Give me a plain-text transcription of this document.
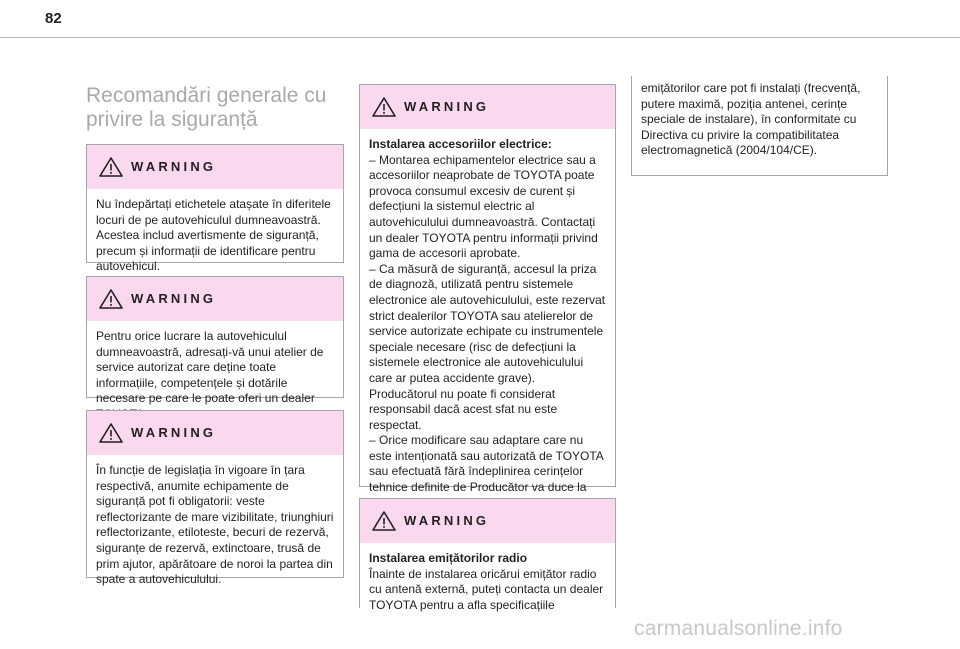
82
Recomandări generale cu privire la siguranță
WARNING

Nu îndepărtați etichetele atașate în diferitele locuri de pe autovehiculul dumneavoastră. Acestea includ avertismente de siguranță, precum și informații de identificare pentru autovehicul.

WARNING

Pentru orice lucrare la autovehiculul dumneavoastră, adresați-vă unui atelier de service autorizat care deține toate informațiile, competențele și dotările necesare pe care le poate oferi un dealer

WARNING

În funcție de legislația în vigoare în țara respectivă, anumite echipamente de siguranță pot fi obligatorii: veste reflectorizante de mare vizibilitate, triunghiuri reflectorizante, etiloteste, becuri de rezervă, siguranțe de rezervă, extinctoare, trusă de prim ajutor, apărătoare de noroi la partea din spate a autovehiculului.

WARNING

Instalarea accesoriilor electrice:

– Montarea echipamentelor electrice sau a accesoriilor neaprobate de TOYOTA poate provoca consumul excesiv de curent și defecțiuni la sistemul electric al autovehiculului dumneavoastră. Contactați un dealer TOYOTA pentru informații privind gama de accesorii aprobate.

– Ca măsură de siguranță, accesul la priza de diagnoză, utilizată pentru sistemele electronice ale autovehiculului, este rezervat strict dealerilor TOYOTA sau atelierelor de service autorizate echipate cu instrumentele speciale necesare (risc de defecțiuni la sistemele electronice ale autovehiculului care ar putea accidente grave). Producătorul nu poate fi considerat responsabil dacă acest sfat nu este respectat.

– Orice modificare sau adaptare care nu este intenționată sau autorizată de TOYOTA sau efectuată fără îndeplinirea cerințelor tehnice definite de Producător va duce la

WARNING

Instalarea emițătorilor radio

Înainte de instalarea oricărui emițător radio cu antenă externă, puteți contacta un dealer TOYOTA pentru a afla specificațiile

emițătorilor care pot fi instalați (frecvență, putere maximă, poziția antenei, cerințe speciale de instalare), în conformitate cu Directiva cu privire la compatibilitatea electromagnetică (2004/104/CE).

carmanualsonline.info
